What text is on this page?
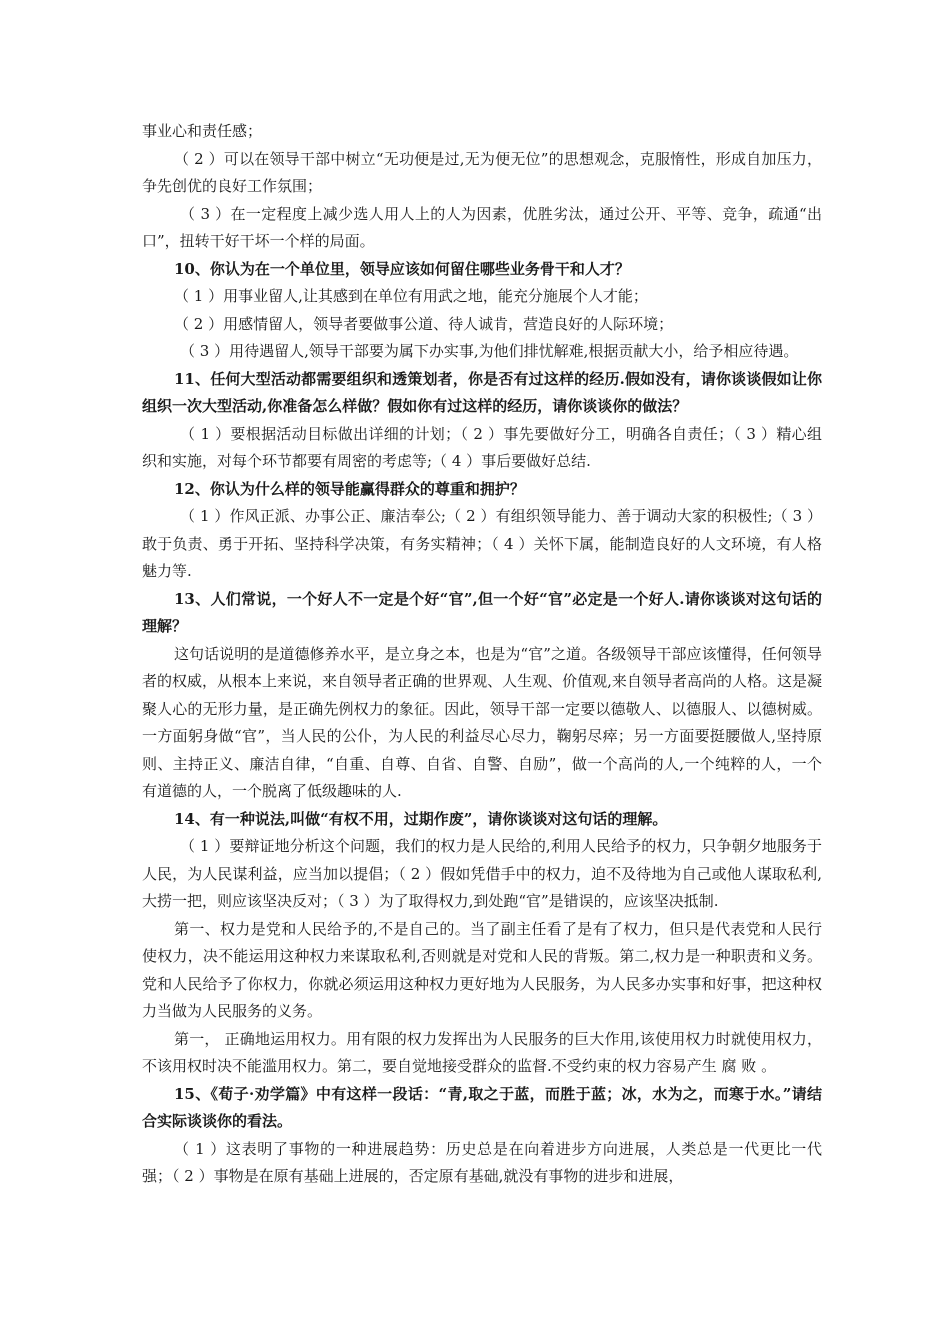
事业心和责任感；

（ 2 ）可以在领导干部中树立“无功便是过,无为便无位”的思想观念，克服惰性，形成自加压力，争先创优的良好工作氛围；

（ 3 ）在一定程度上减少选人用人上的人为因素，优胜劣汰，通过公开、平等、竞争，疏通“出口”，扭转干好干坏一个样的局面。

10、你认为在一个单位里，领导应该如何留住哪些业务骨干和人才？

（ 1 ）用事业留人,让其感到在单位有用武之地，能充分施展个人才能；

（ 2 ）用感情留人，领导者要做事公道、待人诚肯，营造良好的人际环境；

（ 3 ）用待遇留人,领导干部要为属下办实事,为他们排忧解难,根据贡献大小，给予相应待遇。

11、任何大型活动都需要组织和透策划者，你是否有过这样的经历.假如没有，请你谈谈假如让你组织一次大型活动,你准备怎么样做？假如你有过这样的经历，请你谈谈你的做法？

（ 1 ）要根据活动目标做出详细的计划；（ 2 ）事先要做好分工，明确各自责任；（ 3 ）精心组织和实施，对每个环节都要有周密的考虑等;（ 4 ）事后要做好总结.

12、你认为什么样的领导能赢得群众的尊重和拥护？

（ 1 ）作风正派、办事公正、廉洁奉公;（ 2 ）有组织领导能力、善于调动大家的积极性;（ 3 ）敢于负责、勇于开拓、坚持科学决策，有务实精神；（ 4 ）关怀下属，能制造良好的人文环境，有人格魅力等.

13、人们常说，一个好人不一定是个好“官”,但一个好“官”必定是一个好人.请你谈谈对这句话的理解？

这句话说明的是道德修养水平，是立身之本，也是为“官”之道。各级领导干部应该懂得，任何领导者的权威，从根本上来说，来自领导者正确的世界观、人生观、价值观,来自领导者高尚的人格。这是凝聚人心的无形力量，是正确先例权力的象征。因此，领导干部一定要以德敬人、以德服人、以德树威。一方面躬身做“官”，当人民的公仆，为人民的利益尽心尽力，鞠躬尽瘁；另一方面要挺腰做人,坚持原则、主持正义、廉洁自律，“自重、自尊、自省、自警、自励”，做一个高尚的人,一个纯粹的人，一个有道德的人，一个脱离了低级趣味的人.

14、有一种说法,叫做“有权不用，过期作废”，请你谈谈对这句话的理解。

（ 1 ）要辩证地分析这个问题，我们的权力是人民给的,利用人民给予的权力，只争朝夕地服务于人民，为人民谋利益，应当加以提倡；（ 2 ）假如凭借手中的权力，迫不及待地为自己或他人谋取私利,大捞一把，则应该坚决反对；（ 3 ）为了取得权力,到处跑“官”是错误的，应该坚决抵制.

第一、权力是党和人民给予的,不是自己的。当了副主任看了是有了权力，但只是代表党和人民行使权力，决不能运用这种权力来谋取私利,否则就是对党和人民的背叛。第二,权力是一种职责和义务。党和人民给予了你权力，你就必须运用这种权力更好地为人民服务，为人民多办实事和好事，把这种权力当做为人民服务的义务。

第一， 正确地运用权力。用有限的权力发挥出为人民服务的巨大作用,该使用权力时就使用权力，不该用权时决不能滥用权力。第二，要自觉地接受群众的监督.不受约束的权力容易产生 腐 败 。

15、《荀子·劝学篇》中有这样一段话：“青,取之于蓝，而胜于蓝；冰，水为之，而寒于水。”请结合实际谈谈你的看法。

（ 1 ）这表明了事物的一种进展趋势：历史总是在向着进步方向进展，人类总是一代更比一代强；（ 2 ）事物是在原有基础上进展的，否定原有基础,就没有事物的进步和进展，
